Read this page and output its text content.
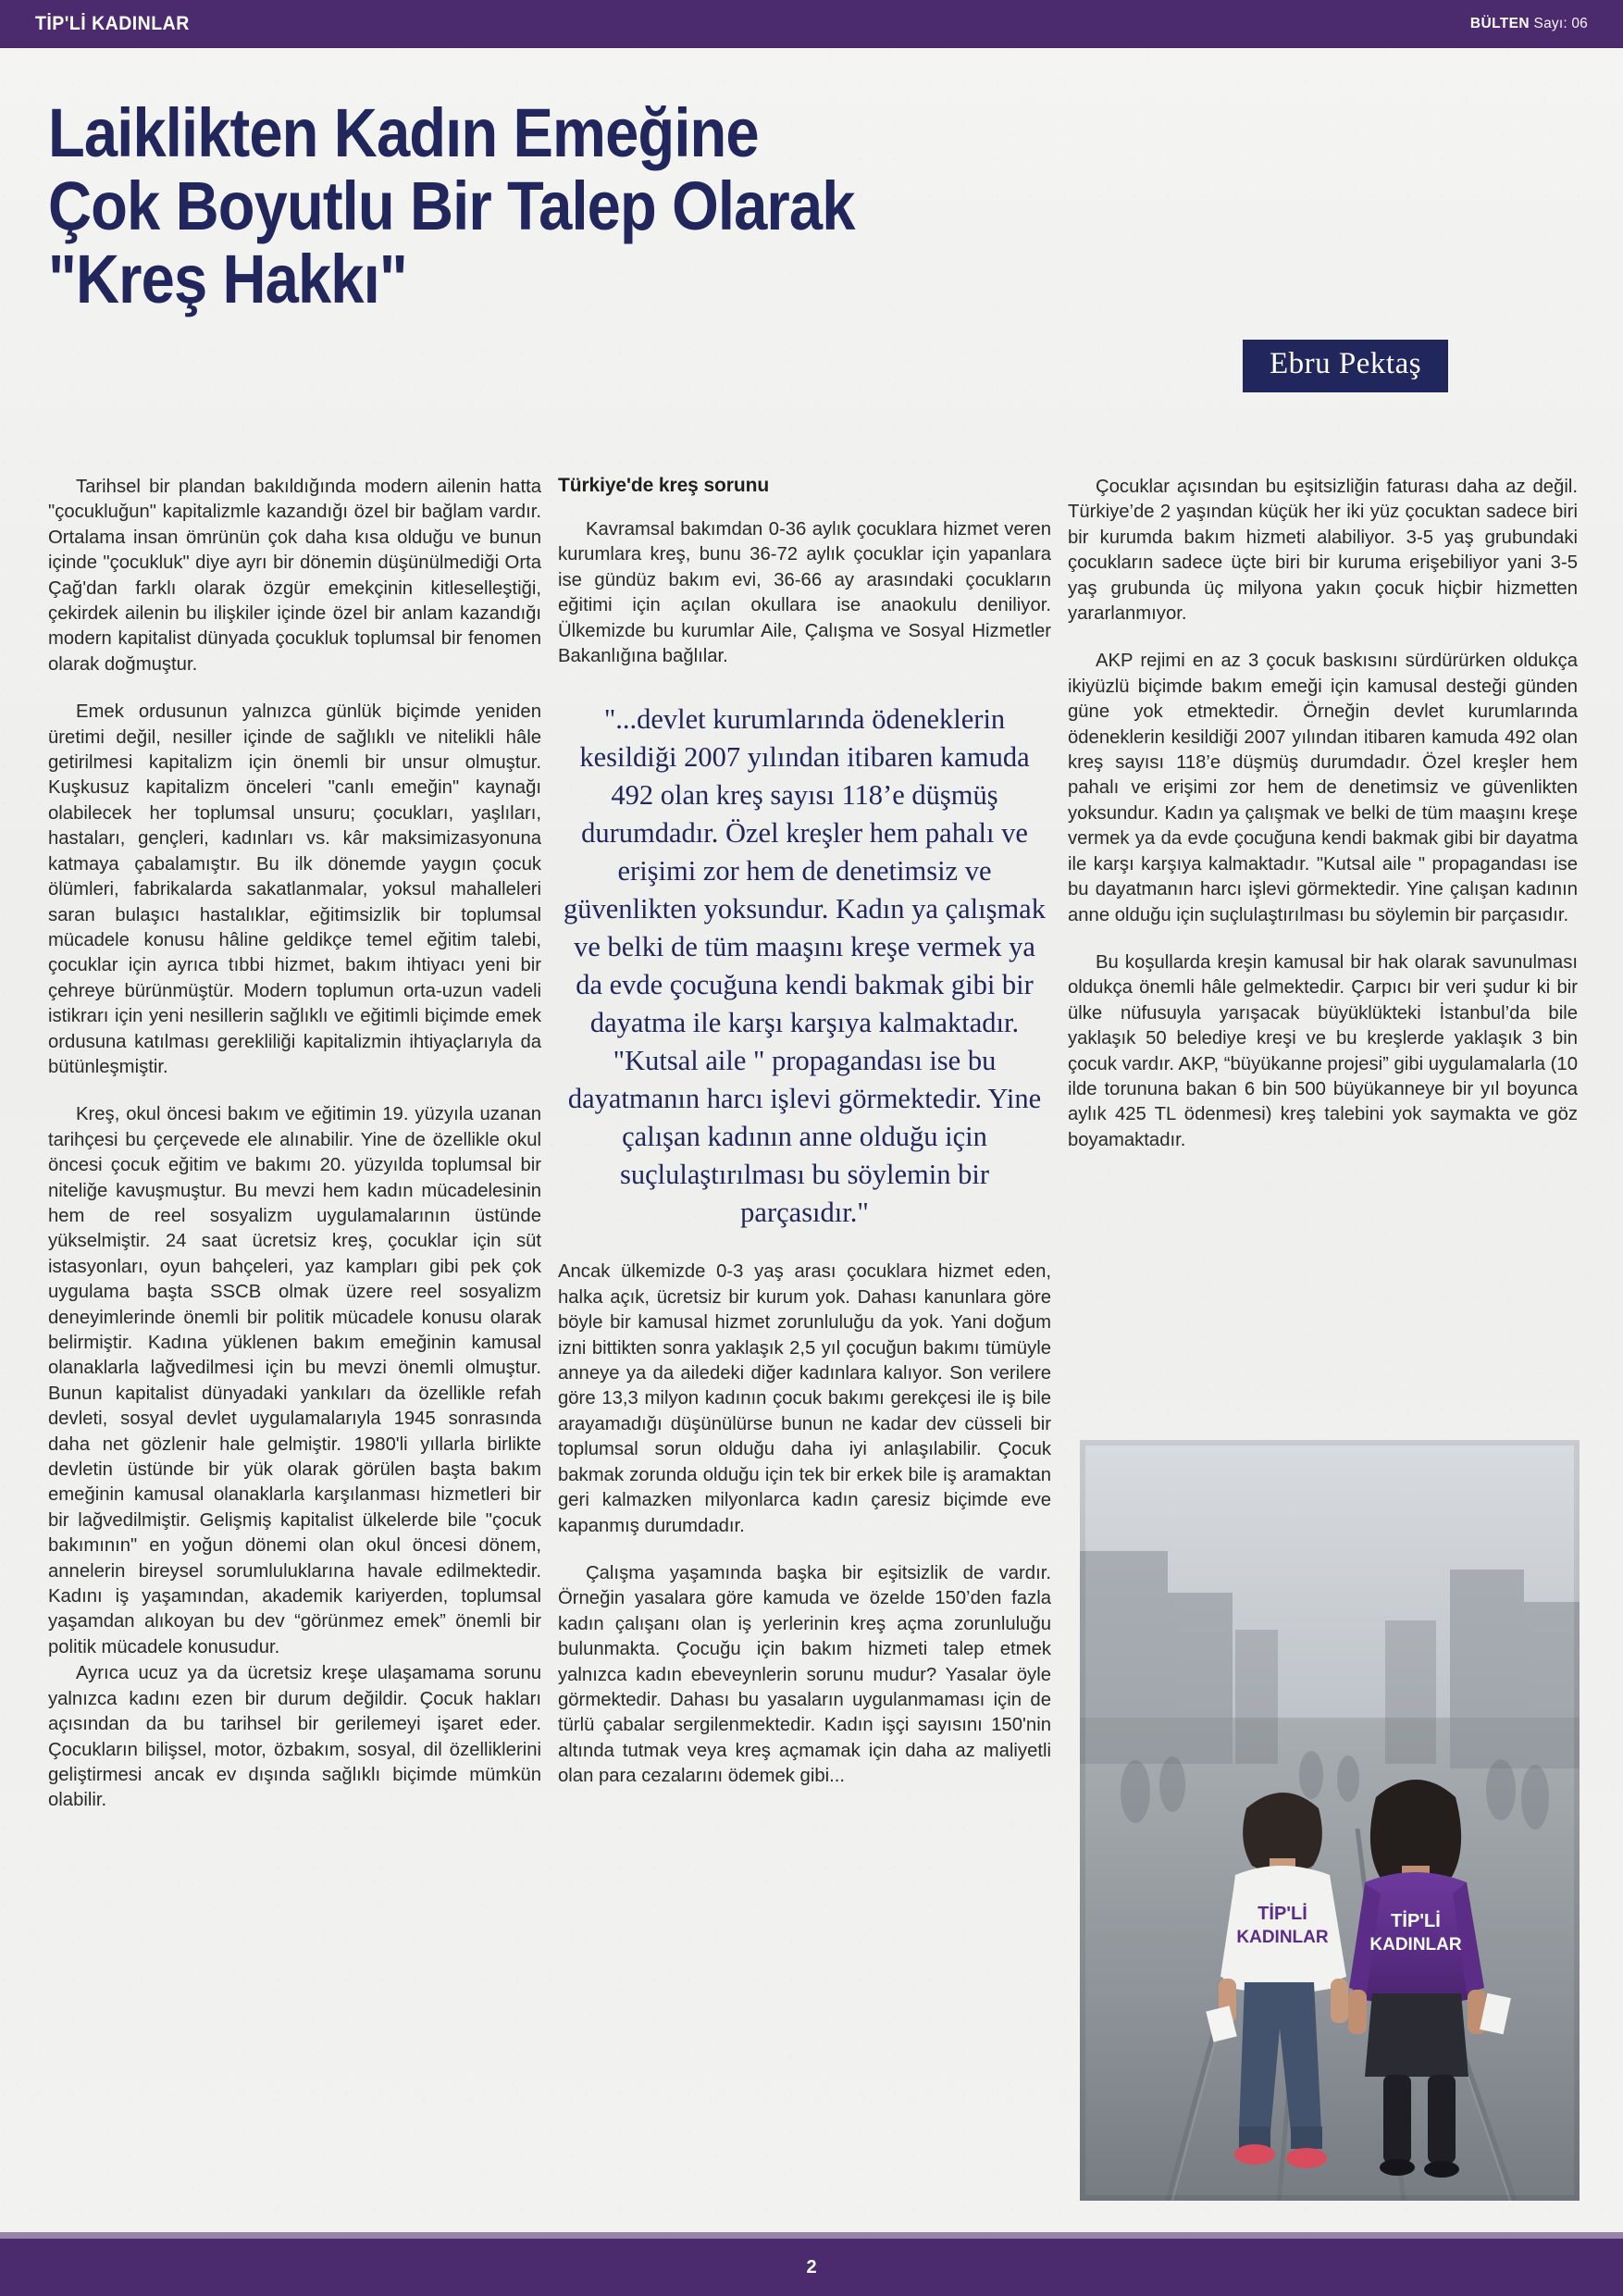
TİP'Lİ KADINLAR	BÜLTEN Sayı: 06
Laiklikten Kadın Emeğine
Çok Boyutlu Bir Talep Olarak
"Kreş Hakkı"
Ebru Pektaş

Tarihsel bir plandan bakıldığında modern ailenin hatta "çocukluğun" kapitalizmle kazandığı özel bir bağlam vardır. Ortalama insan ömrünün çok daha kısa olduğu ve bunun içinde "çocukluk" diye ayrı bir dönemin düşünülmediği Orta Çağ'dan farklı olarak özgür emekçinin kitleselleştiği, çekirdek ailenin bu ilişkiler içinde özel bir anlam kazandığı modern kapitalist dünyada çocukluk toplumsal bir fenomen olarak doğmuştur.

Emek ordusunun yalnızca günlük biçimde yeniden üretimi değil, nesiller içinde de sağlıklı ve nitelikli hâle getirilmesi kapitalizm için önemli bir unsur olmuştur. Kuşkusuz kapitalizm önceleri "canlı emeğin" kaynağı olabilecek her toplumsal unsuru; çocukları, yaşlıları, hastaları, gençleri, kadınları vs. kâr maksimizasyonuna katmaya çabalamıştır. Bu ilk dönemde yaygın çocuk ölümleri, fabrikalarda sakatlanmalar, yoksul mahalleleri saran bulaşıcı hastalıklar, eğitimsizlik bir toplumsal mücadele konusu hâline geldikçe temel eğitim talebi, çocuklar için ayrıca tıbbi hizmet, bakım ihtiyacı yeni bir çehreye bürünmüştür. Modern toplumun orta-uzun vadeli istikrarı için yeni nesillerin sağlıklı ve eğitimli biçimde emek ordusuna katılması gerekliliği kapitalizmin ihtiyaçlarıyla da bütünleşmiştir.

Kreş, okul öncesi bakım ve eğitimin 19. yüzyıla uzanan tarihçesi bu çerçevede ele alınabilir. Yine de özellikle okul öncesi çocuk eğitim ve bakımı 20. yüzyılda toplumsal bir niteliğe kavuşmuştur. Bu mevzi hem kadın mücadelesinin hem de reel sosyalizm uygulamalarının üstünde yükselmiştir. 24 saat ücretsiz kreş, çocuklar için süt istasyonları, oyun bahçeleri, yaz kampları gibi pek çok uygulama başta SSCB olmak üzere reel sosyalizm deneyimlerinde önemli bir politik mücadele konusu olarak belirmiştir. Kadına yüklenen bakım emeğinin kamusal olanaklarla lağvedilmesi için bu mevzi önemli olmuştur. Bunun kapitalist dünyadaki yankıları da özellikle refah devleti, sosyal devlet uygulamalarıyla 1945 sonrasında daha net gözlenir hale gelmiştir. 1980'li yıllarla birlikte devletin üstünde bir yük olarak görülen başta bakım emeğinin kamusal olanaklarla karşılanması hizmetleri bir bir lağvedilmiştir. Gelişmiş kapitalist ülkelerde bile "çocuk bakımının" en yoğun dönemi olan okul öncesi dönem, annelerin bireysel sorumluluklarına havale edilmektedir. Kadını iş yaşamından, akademik kariyerden, toplumsal yaşamdan alıkoyan bu dev “görünmez emek” önemli bir politik mücadele konusudur.

Ayrıca ucuz ya da ücretsiz kreşe ulaşamama sorunu yalnızca kadını ezen bir durum değildir. Çocuk hakları açısından da bu tarihsel bir gerilemeyi işaret eder. Çocukların bilişsel, motor, özbakım, sosyal, dil özelliklerini geliştirmesi ancak ev dışında sağlıklı biçimde mümkün olabilir.

Türkiye'de kreş sorunu

Kavramsal bakımdan 0-36 aylık çocuklara hizmet veren kurumlara kreş, bunu 36-72 aylık çocuklar için yapanlara ise gündüz bakım evi, 36-66 ay arasındaki çocukların eğitimi için açılan okullara ise anaokulu deniliyor. Ülkemizde bu kurumlar Aile, Çalışma ve Sosyal Hizmetler Bakanlığına bağlılar.

"...devlet kurumlarında ödeneklerin kesildiği 2007 yılından itibaren kamuda 492 olan kreş sayısı 118’e düşmüş durumdadır. Özel kreşler hem pahalı ve erişimi zor hem de denetimsiz ve güvenlikten yoksundur. Kadın ya çalışmak ve belki de tüm maaşını kreşe vermek ya da evde çocuğuna kendi bakmak gibi bir dayatma ile karşı karşıya kalmaktadır. "Kutsal aile " propagandası ise bu dayatmanın harcı işlevi görmektedir. Yine çalışan kadının anne olduğu için suçlulaştırılması bu söylemin bir parçasıdır."

Ancak ülkemizde 0-3 yaş arası çocuklara hizmet eden, halka açık, ücretsiz bir kurum yok. Dahası kanunlara göre böyle bir kamusal hizmet zorunluluğu da yok. Yani doğum izni bittikten sonra yaklaşık 2,5 yıl çocuğun bakımı tümüyle anneye ya da ailedeki diğer kadınlara kalıyor. Son verilere göre 13,3 milyon kadının çocuk bakımı gerekçesi ile iş bile arayamadığı düşünülürse bunun ne kadar dev cüsseli bir toplumsal sorun olduğu daha iyi anlaşılabilir. Çocuk bakmak zorunda olduğu için tek bir erkek bile iş aramaktan geri kalmazken milyonlarca kadın çaresiz biçimde eve kapanmış durumdadır.

Çalışma yaşamında başka bir eşitsizlik de vardır. Örneğin yasalara göre kamuda ve özelde 150’den fazla kadın çalışanı olan iş yerlerinin kreş açma zorunluluğu bulunmakta. Çocuğu için bakım hizmeti talep etmek yalnızca kadın ebeveynlerin sorunu mudur? Yasalar öyle görmektedir. Dahası bu yasaların uygulanmaması için de türlü çabalar sergilenmektedir. Kadın işçi sayısını 150'nin altında tutmak veya kreş açmamak için daha az maliyetli olan para cezalarını ödemek gibi...

Çocuklar açısından bu eşitsizliğin faturası daha az değil. Türkiye’de 2 yaşından küçük her iki yüz çocuktan sadece biri bir kurumda bakım hizmeti alabiliyor. 3-5 yaş grubundaki çocukların sadece üçte biri bir kuruma erişebiliyor yani 3-5 yaş grubunda üç milyona yakın çocuk hiçbir hizmetten yararlanmıyor.

AKP rejimi en az 3 çocuk baskısını sürdürürken oldukça ikiyüzlü biçimde bakım emeği için kamusal desteği günden güne yok etmektedir. Örneğin devlet kurumlarında ödeneklerin kesildiği 2007 yılından itibaren kamuda 492 olan kreş sayısı 118’e düşmüş durumdadır. Özel kreşler hem pahalı ve erişimi zor hem de denetimsiz ve güvenlikten yoksundur. Kadın ya çalışmak ve belki de tüm maaşını kreşe vermek ya da evde çocuğuna kendi bakmak gibi bir dayatma ile karşı karşıya kalmaktadır. "Kutsal aile " propagandası ise bu dayatmanın harcı işlevi görmektedir. Yine çalışan kadının anne olduğu için suçlulaştırılması bu söylemin bir parçasıdır.

Bu koşullarda kreşin kamusal bir hak olarak savunulması oldukça önemli hâle gelmektedir. Çarpıcı bir veri şudur ki bir ülke nüfusuyla yarışacak büyüklükteki İstanbul’da bile yaklaşık 50 belediye kreşi ve bu kreşlerde yaklaşık 3 bin çocuk vardır. AKP, “büyükanne projesi” gibi uygulamalarla (10 ilde torununa bakan 6 bin 500 büyükanneye bir yıl boyunca aylık 425 TL ödenmesi) kreş talebini yok saymakta ve göz boyamaktadır.

TİP'Lİ
KADINLAR
TİP'Lİ
KADINLAR
2
